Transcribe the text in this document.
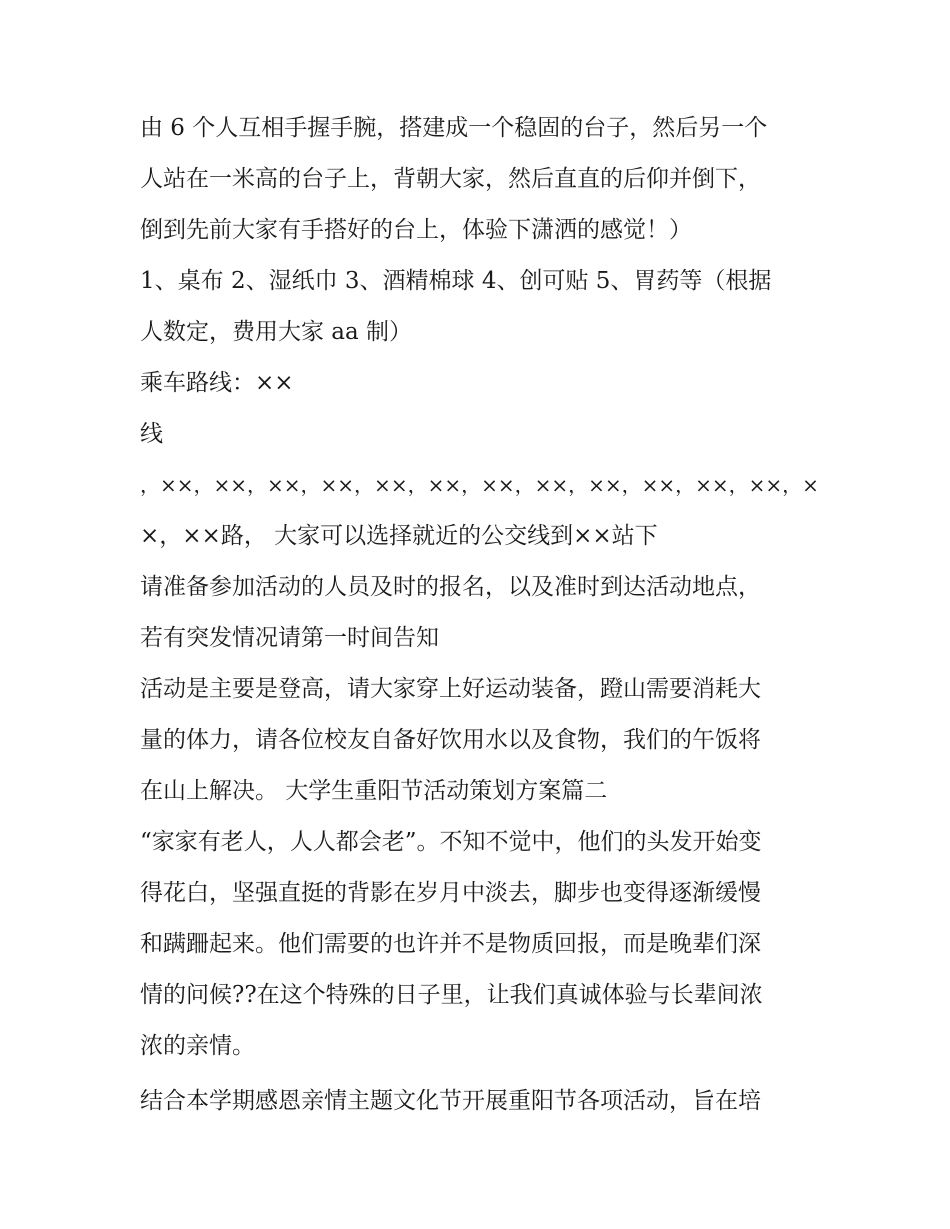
由 6 个人互相手握手腕，搭建成一个稳固的台子，然后另一个
人站在一米高的台子上，背朝大家，然后直直的后仰并倒下，
倒到先前大家有手搭好的台上，体验下潇洒的感觉！）
1、桌布 2、湿纸巾 3、酒精棉球 4、创可贴 5、胃药等（根据
人数定，费用大家 aa 制）
乘车路线：××
线
，××，××，××，××，××，××，××，××，××，××，××，××，×
×，××路， 大家可以选择就近的公交线到××站下
请准备参加活动的人员及时的报名，以及准时到达活动地点，
若有突发情况请第一时间告知
活动是主要是登高，请大家穿上好运动装备，蹬山需要消耗大
量的体力，请各位校友自备好饮用水以及食物，我们的午饭将
在山上解决。 大学生重阳节活动策划方案篇二
“家家有老人，人人都会老”。不知不觉中，他们的头发开始变
得花白，坚强直挺的背影在岁月中淡去，脚步也变得逐渐缓慢
和蹒跚起来。他们需要的也许并不是物质回报，而是晚辈们深
情的问候??在这个特殊的日子里，让我们真诚体验与长辈间浓
浓的亲情。
结合本学期感恩亲情主题文化节开展重阳节各项活动，旨在培
